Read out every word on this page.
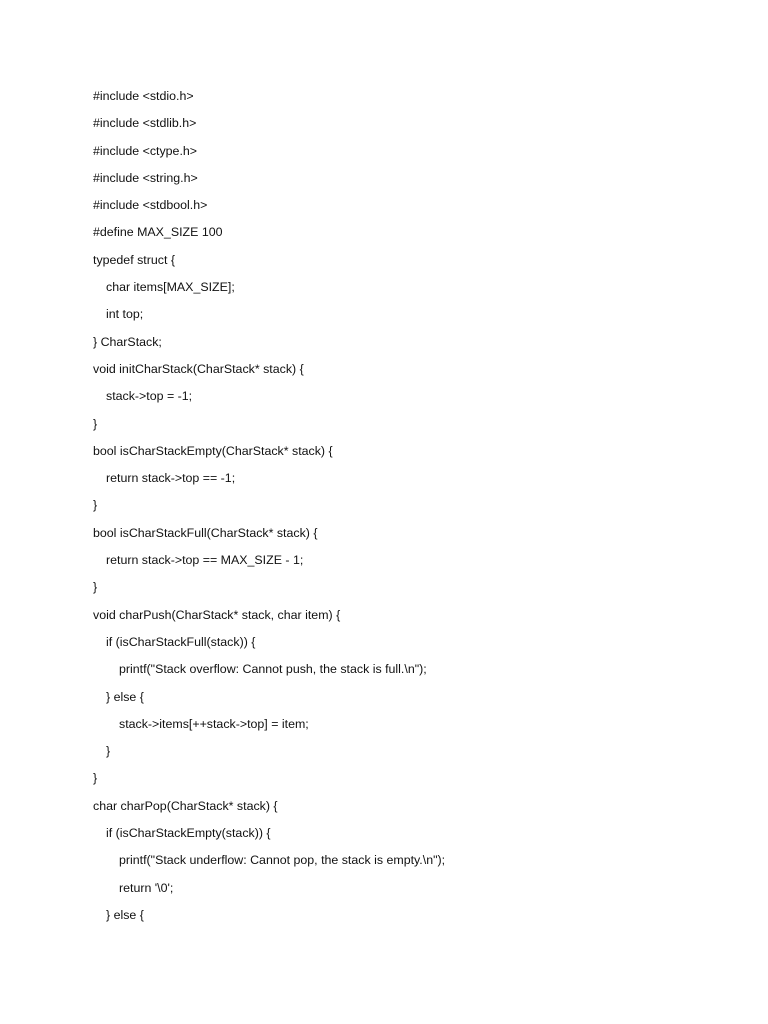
#include <stdio.h>
#include <stdlib.h>
#include <ctype.h>
#include <string.h>
#include <stdbool.h>
#define MAX_SIZE 100
typedef struct {
char items[MAX_SIZE];
int top;
} CharStack;
void initCharStack(CharStack* stack) {
stack->top = -1;
}
bool isCharStackEmpty(CharStack* stack) {
return stack->top == -1;
}
bool isCharStackFull(CharStack* stack) {
return stack->top == MAX_SIZE - 1;
}
void charPush(CharStack* stack, char item) {
if (isCharStackFull(stack)) {
printf("Stack overflow: Cannot push, the stack is full.\n");
} else {
stack->items[++stack->top] = item;
}
}
char charPop(CharStack* stack) {
if (isCharStackEmpty(stack)) {
printf("Stack underflow: Cannot pop, the stack is empty.\n");
return '\0';
} else {
